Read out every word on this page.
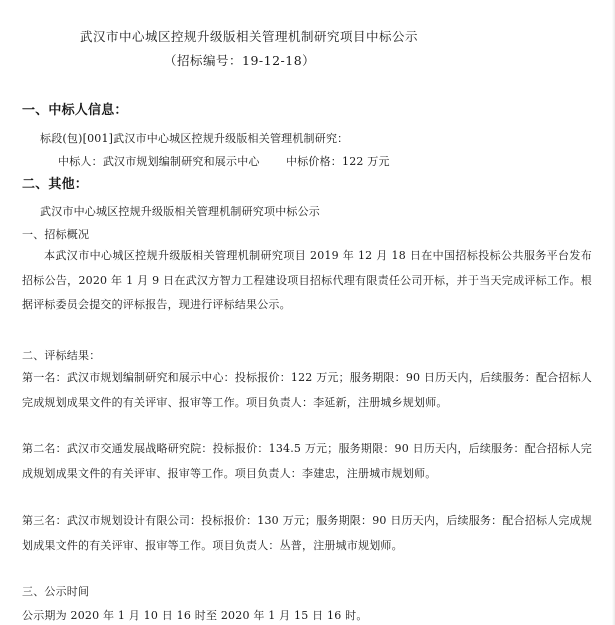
武汉市中心城区控规升级版相关管理机制研究项目中标公示
（招标编号：19-12-18）
一、中标人信息：
标段(包)[001]武汉市中心城区控规升级版相关管理机制研究：
中标人：武汉市规划编制研究和展示中心 中标价格：122 万元
二、其他：
武汉市中心城区控规升级版相关管理机制研究项中标公示
一、招标概况
本武汉市中心城区控规升级版相关管理机制研究项目 2019 年 12 月 18 日在中国招标投标公共服务平台发布招标公告，2020 年 1 月 9 日在武汉方智力工程建设项目招标代理有限责任公司开标，并于当天完成评标工作。根据评标委员会提交的评标报告，现进行评标结果公示。
二、评标结果：
第一名：武汉市规划编制研究和展示中心：投标报价：122 万元；服务期限：90 日历天内，后续服务：配合招标人完成规划成果文件的有关评审、报审等工作。项目负责人：李延新，注册城乡规划师。
第二名：武汉市交通发展战略研究院：投标报价：134.5 万元；服务期限：90 日历天内，后续服务：配合招标人完成规划成果文件的有关评审、报审等工作。项目负责人：李建忠，注册城市规划师。
第三名：武汉市规划设计有限公司：投标报价：130 万元；服务期限：90 日历天内，后续服务：配合招标人完成规划成果文件的有关评审、报审等工作。项目负责人：丛普，注册城市规划师。
三、公示时间
公示期为 2020 年 1 月 10 日 16 时至 2020 年 1 月 15 日 16 时。
